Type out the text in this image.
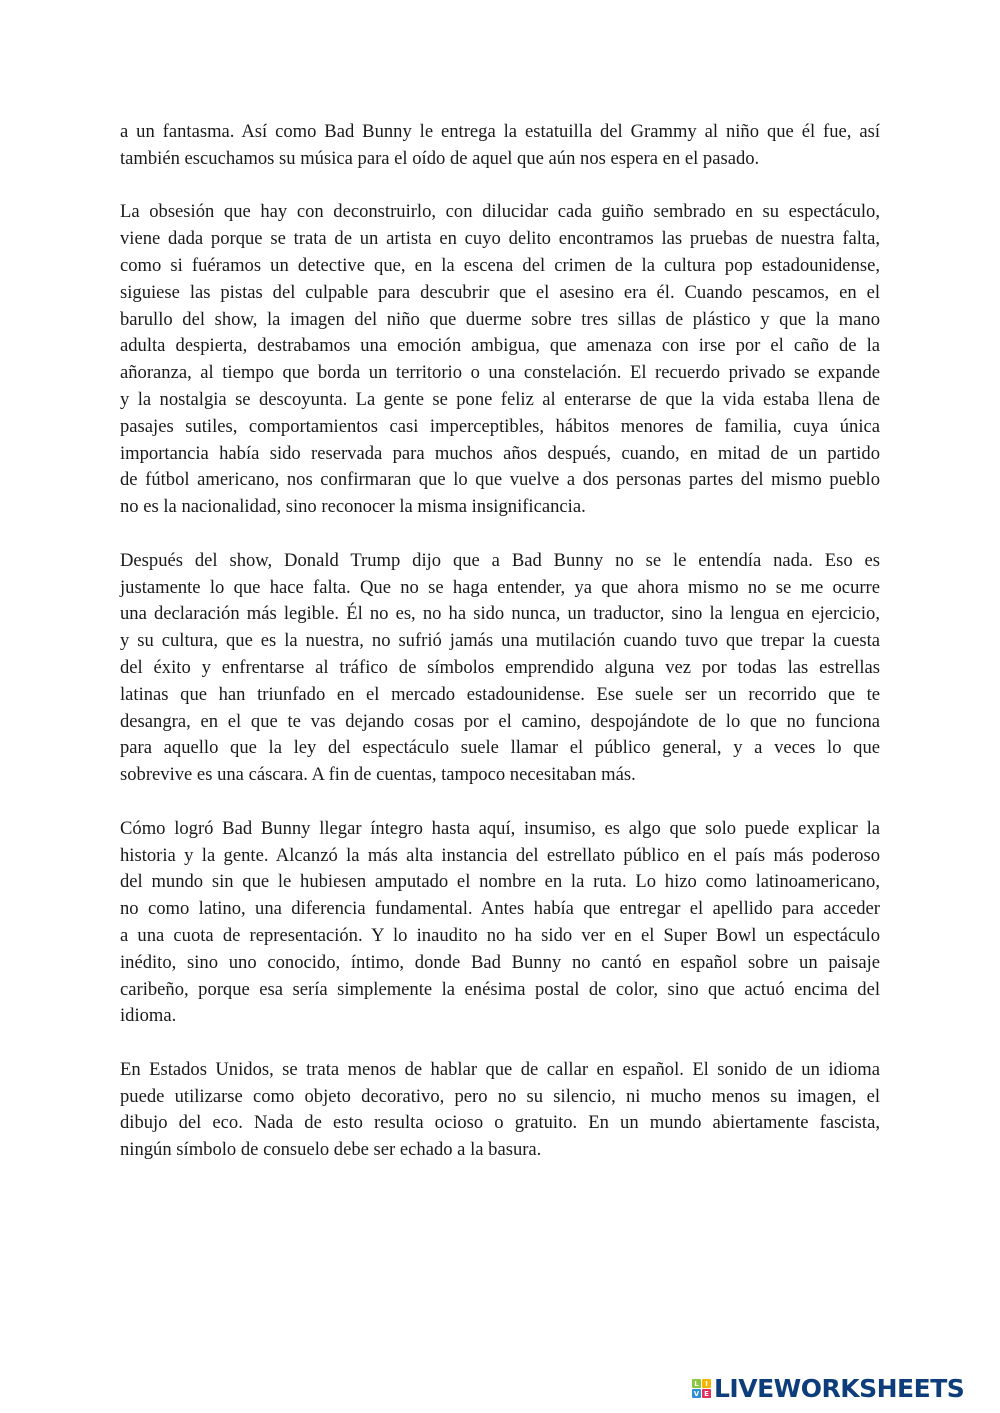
a un fantasma. Así como Bad Bunny le entrega la estatuilla del Grammy al niño que él fue, así
también escuchamos su música para el oído de aquel que aún nos espera en el pasado.
La obsesión que hay con deconstruirlo, con dilucidar cada guiño sembrado en su espectáculo,
viene dada porque se trata de un artista en cuyo delito encontramos las pruebas de nuestra falta,
como si fuéramos un detective que, en la escena del crimen de la cultura pop estadounidense,
siguiese las pistas del culpable para descubrir que el asesino era él. Cuando pescamos, en el
barullo del show, la imagen del niño que duerme sobre tres sillas de plástico y que la mano
adulta despierta, destrabamos una emoción ambigua, que amenaza con irse por el caño de la
añoranza, al tiempo que borda un territorio o una constelación. El recuerdo privado se expande
y la nostalgia se descoyunta. La gente se pone feliz al enterarse de que la vida estaba llena de
pasajes sutiles, comportamientos casi imperceptibles, hábitos menores de familia, cuya única
importancia había sido reservada para muchos años después, cuando, en mitad de un partido
de fútbol americano, nos confirmaran que lo que vuelve a dos personas partes del mismo pueblo
no es la nacionalidad, sino reconocer la misma insignificancia.
Después del show, Donald Trump dijo que a Bad Bunny no se le entendía nada. Eso es
justamente lo que hace falta. Que no se haga entender, ya que ahora mismo no se me ocurre
una declaración más legible. Él no es, no ha sido nunca, un traductor, sino la lengua en ejercicio,
y su cultura, que es la nuestra, no sufrió jamás una mutilación cuando tuvo que trepar la cuesta
del éxito y enfrentarse al tráfico de símbolos emprendido alguna vez por todas las estrellas
latinas que han triunfado en el mercado estadounidense. Ese suele ser un recorrido que te
desangra, en el que te vas dejando cosas por el camino, despojándote de lo que no funciona
para aquello que la ley del espectáculo suele llamar el público general, y a veces lo que
sobrevive es una cáscara. A fin de cuentas, tampoco necesitaban más.
Cómo logró Bad Bunny llegar íntegro hasta aquí, insumiso, es algo que solo puede explicar la
historia y la gente. Alcanzó la más alta instancia del estrellato público en el país más poderoso
del mundo sin que le hubiesen amputado el nombre en la ruta. Lo hizo como latinoamericano,
no como latino, una diferencia fundamental. Antes había que entregar el apellido para acceder
a una cuota de representación. Y lo inaudito no ha sido ver en el Super Bowl un espectáculo
inédito, sino uno conocido, íntimo, donde Bad Bunny no cantó en español sobre un paisaje
caribeño, porque esa sería simplemente la enésima postal de color, sino que actuó encima del
idioma.
En Estados Unidos, se trata menos de hablar que de callar en español. El sonido de un idioma
puede utilizarse como objeto decorativo, pero no su silencio, ni mucho menos su imagen, el
dibujo del eco. Nada de esto resulta ocioso o gratuito. En un mundo abiertamente fascista,
ningún símbolo de consuelo debe ser echado a la basura.
L I
V E LIVEWORKSHEETS
